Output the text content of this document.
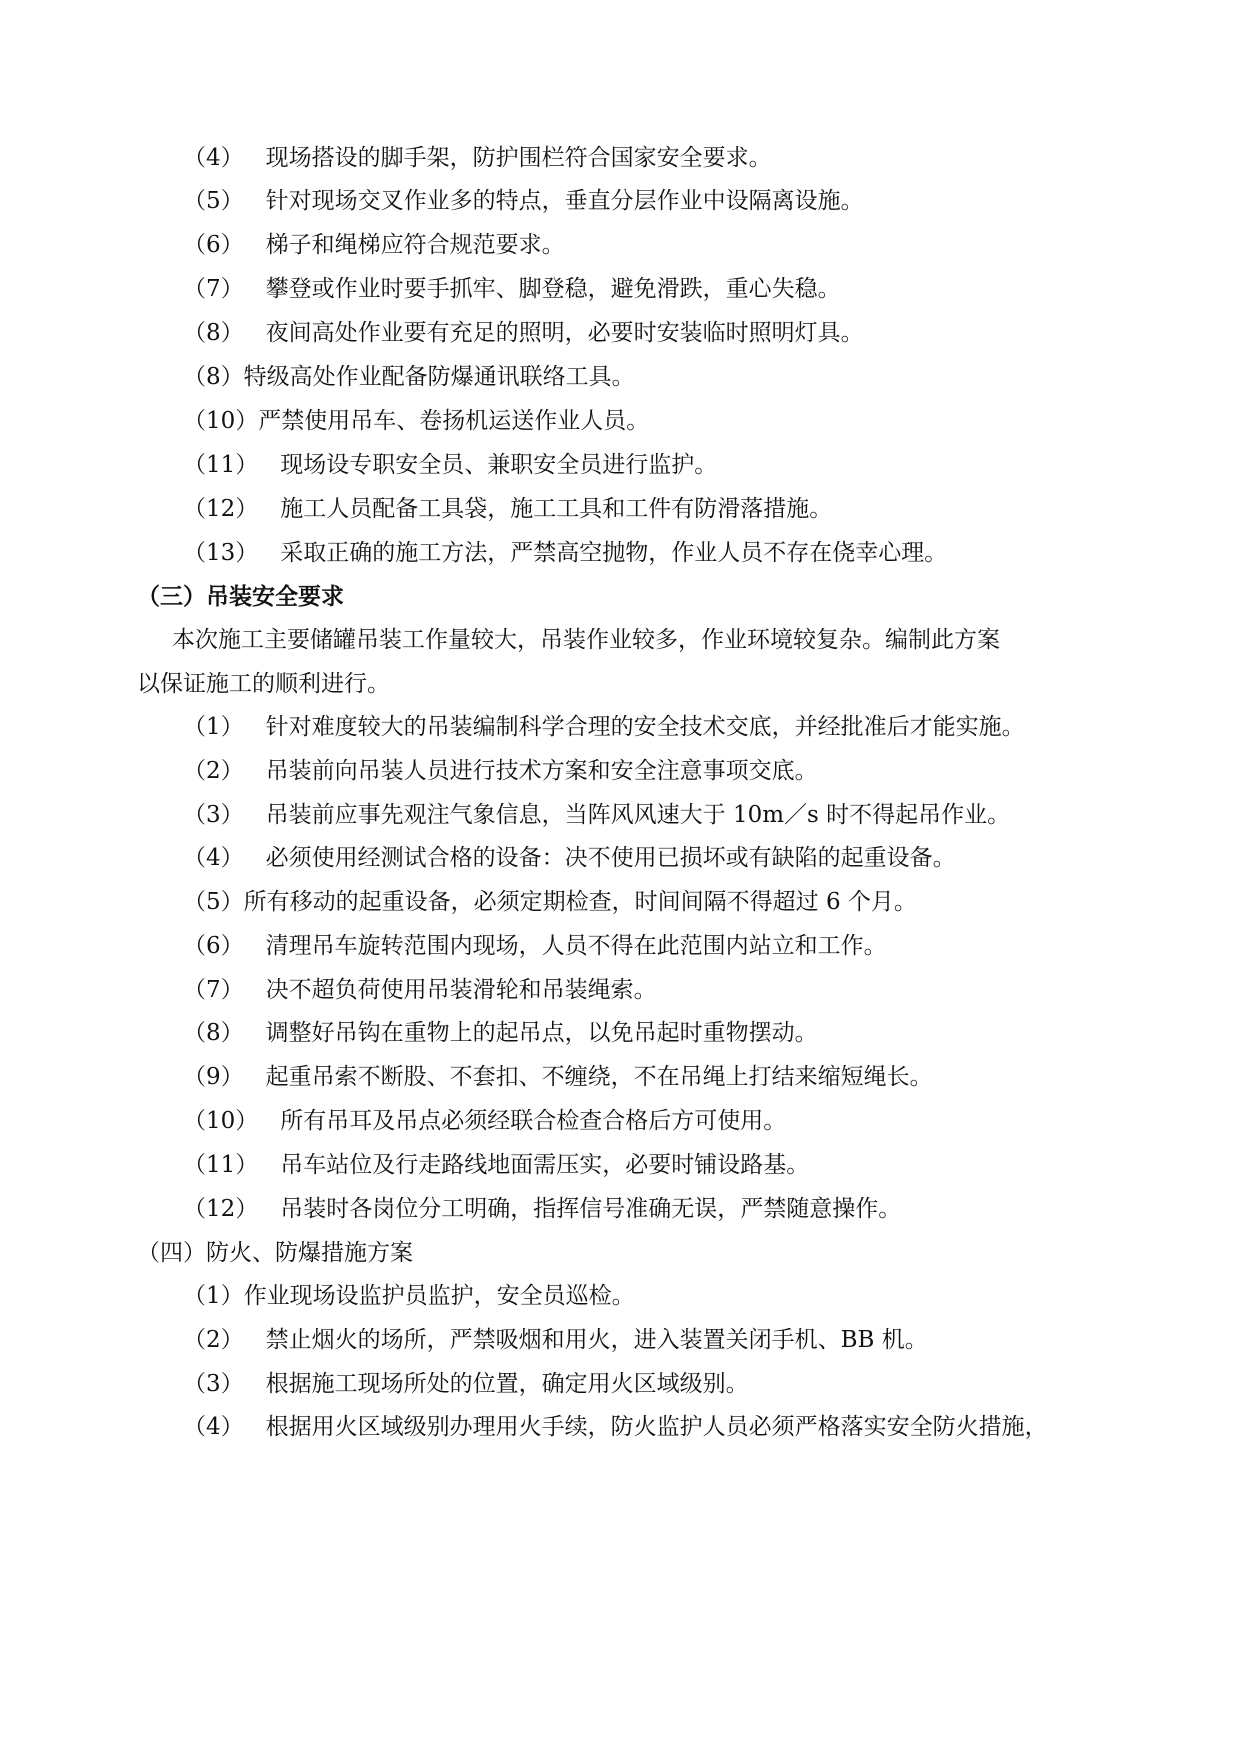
（4） 现场搭设的脚手架，防护围栏符合国家安全要求。
（5） 针对现场交叉作业多的特点，垂直分层作业中设隔离设施。
（6） 梯子和绳梯应符合规范要求。
（7） 攀登或作业时要手抓牢、脚登稳，避免滑跌，重心失稳。
（8） 夜间高处作业要有充足的照明，必要时安装临时照明灯具。
（8）特级高处作业配备防爆通讯联络工具。
（10）严禁使用吊车、卷扬机运送作业人员。
（11） 现场设专职安全员、兼职安全员进行监护。
（12） 施工人员配备工具袋，施工工具和工件有防滑落措施。
（13） 采取正确的施工方法，严禁高空抛物，作业人员不存在侥幸心理。
（三）吊装安全要求
本次施工主要储罐吊装工作量较大，吊装作业较多，作业环境较复杂。编制此方案
以保证施工的顺利进行。
（1） 针对难度较大的吊装编制科学合理的安全技术交底，并经批准后才能实施。
（2） 吊装前向吊装人员进行技术方案和安全注意事项交底。
（3） 吊装前应事先观注气象信息，当阵风风速大于 10m／s 时不得起吊作业。
（4） 必须使用经测试合格的设备：决不使用已损坏或有缺陷的起重设备。
（5）所有移动的起重设备，必须定期检查，时间间隔不得超过 6 个月。
（6） 清理吊车旋转范围内现场，人员不得在此范围内站立和工作。
（7） 决不超负荷使用吊装滑轮和吊装绳索。
（8） 调整好吊钩在重物上的起吊点，以免吊起时重物摆动。
（9） 起重吊索不断股、不套扣、不缠绕，不在吊绳上打结来缩短绳长。
（10） 所有吊耳及吊点必须经联合检查合格后方可使用。
（11） 吊车站位及行走路线地面需压实，必要时铺设路基。
（12） 吊装时各岗位分工明确，指挥信号准确无误，严禁随意操作。
（四）防火、防爆措施方案
（1）作业现场设监护员监护，安全员巡检。
（2） 禁止烟火的场所，严禁吸烟和用火，进入装置关闭手机、BB 机。
（3） 根据施工现场所处的位置，确定用火区域级别。
（4） 根据用火区域级别办理用火手续，防火监护人员必须严格落实安全防火措施，
